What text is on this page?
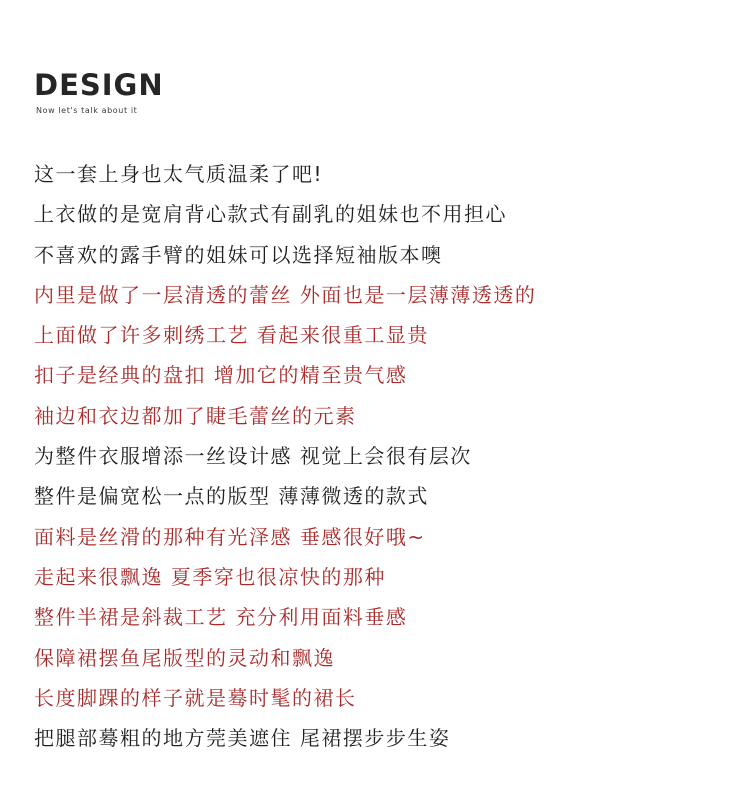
DESIGN
Now let's talk about it
这一套上身也太气质温柔了吧!
上衣做的是宽肩背心款式有副乳的姐妹也不用担心
不喜欢的露手臂的姐妹可以选择短袖版本噢
内里是做了一层清透的蕾丝 外面也是一层薄薄透透的
上面做了许多刺绣工艺 看起来很重工显贵
扣子是经典的盘扣 增加它的精至贵气感
袖边和衣边都加了睫毛蕾丝的元素
为整件衣服增添一丝设计感 视觉上会很有层次
整件是偏宽松一点的版型 薄薄微透的款式
面料是丝滑的那种有光泽感 垂感很好哦~
走起来很飘逸 夏季穿也很凉快的那种
整件半裙是斜裁工艺 充分利用面料垂感
保障裙摆鱼尾版型的灵动和飘逸
长度脚踝的样子就是蓦时髦的裙长
把腿部蓦粗的地方莞美遮住 尾裙摆步步生姿
